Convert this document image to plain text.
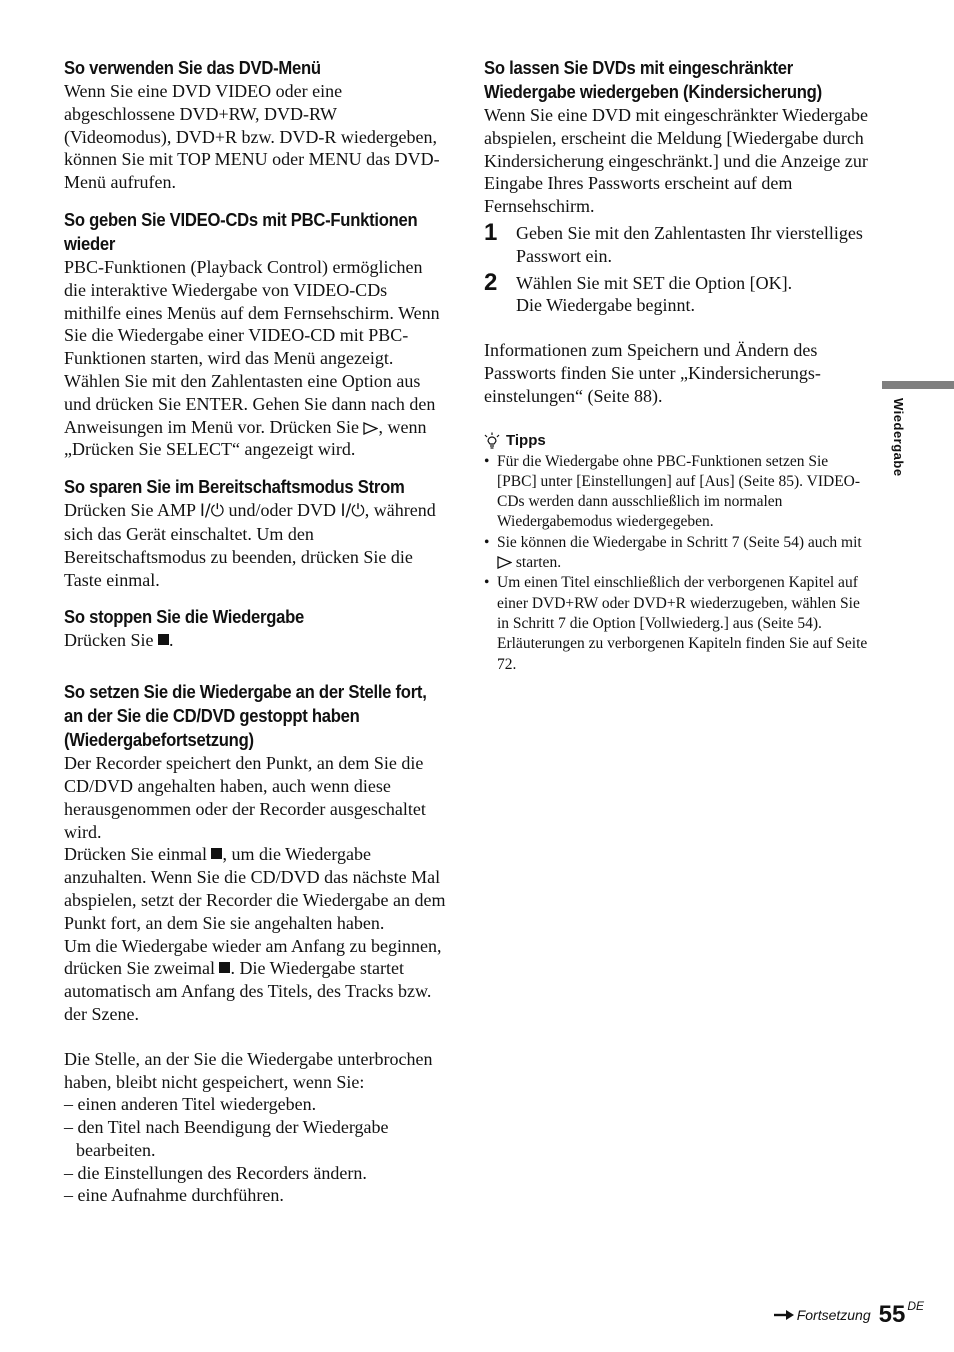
So verwenden Sie das DVD-Menü

Wenn Sie eine DVD VIDEO oder eine abgeschlossene DVD+RW, DVD-RW (Videomodus), DVD+R bzw. DVD-R wiedergeben, können Sie mit TOP MENU oder MENU das DVD-Menü aufrufen.

So geben Sie VIDEO-CDs mit PBC-Funktionen wieder

PBC-Funktionen (Playback Control) ermöglichen die interaktive Wiedergabe von VIDEO-CDs mithilfe eines Menüs auf dem Fernsehschirm. Wenn Sie die Wiedergabe einer VIDEO-CD mit PBC-Funktionen starten, wird das Menü angezeigt.

Wählen Sie mit den Zahlentasten eine Option aus und drücken Sie ENTER. Gehen Sie dann nach den Anweisungen im Menü vor. Drücken Sie , wenn „Drücken Sie SELECT“ angezeigt wird.

So sparen Sie im Bereitschaftsmodus Strom

Drücken Sie AMP I/⏻ und/oder DVD I/⏻, während sich das Gerät einschaltet. Um den Bereitschaftsmodus zu beenden, drücken Sie die Taste einmal.

So stoppen Sie die Wiedergabe

Drücken Sie .

So setzen Sie die Wiedergabe an der Stelle fort, an der Sie die CD/DVD gestoppt haben (Wiedergabefortsetzung)

Der Recorder speichert den Punkt, an dem Sie die CD/DVD angehalten haben, auch wenn diese herausgenommen oder der Recorder ausgeschaltet wird.

Drücken Sie einmal , um die Wiedergabe anzuhalten. Wenn Sie die CD/DVD das nächste Mal abspielen, setzt der Recorder die Wiedergabe an dem Punkt fort, an dem Sie sie angehalten haben.

Um die Wiedergabe wieder am Anfang zu beginnen, drücken Sie zweimal . Die Wiedergabe startet automatisch am Anfang des Titels, des Tracks bzw. der Szene.

Die Stelle, an der Sie die Wiedergabe unterbrochen haben, bleibt nicht gespeichert, wenn Sie:

– einen anderen Titel wiedergeben.
– den Titel nach Beendigung der Wiedergabe bearbeiten.
– die Einstellungen des Recorders ändern.
– eine Aufnahme durchführen.
So lassen Sie DVDs mit eingeschränkter Wiedergabe wiedergeben (Kindersicherung)

Wenn Sie eine DVD mit eingeschränkter Wiedergabe abspielen, erscheint die Meldung [Wiedergabe durch Kindersicherung eingeschränkt.] und die Anzeige zur Eingabe Ihres Passworts erscheint auf dem Fernsehschirm.

1	Geben Sie mit den Zahlentasten Ihr vierstelliges Passwort ein.
2	Wählen Sie mit SET die Option [OK].
Die Wiedergabe beginnt.

Informationen zum Speichern und Ändern des Passworts finden Sie unter „Kindersicherungs-einstelungen“ (Seite 88).

Tipps
• Für die Wiedergabe ohne PBC-Funktionen setzen Sie [PBC] unter [Einstellungen] auf [Aus] (Seite 85). VIDEO-CDs werden dann ausschließlich im normalen Wiedergabemodus wiedergegeben.
• Sie können die Wiedergabe in Schritt 7 (Seite 54) auch mit
starten.
• Um einen Titel einschließlich der verborgenen Kapitel auf einer DVD+RW oder DVD+R wiederzugeben, wählen Sie in Schritt 7 die Option [Vollwiederg.] aus (Seite 54). Erläuterungen zu verborgenen Kapiteln finden Sie auf Seite 72.
Wiedergabe
Fortsetzung 55 DE
